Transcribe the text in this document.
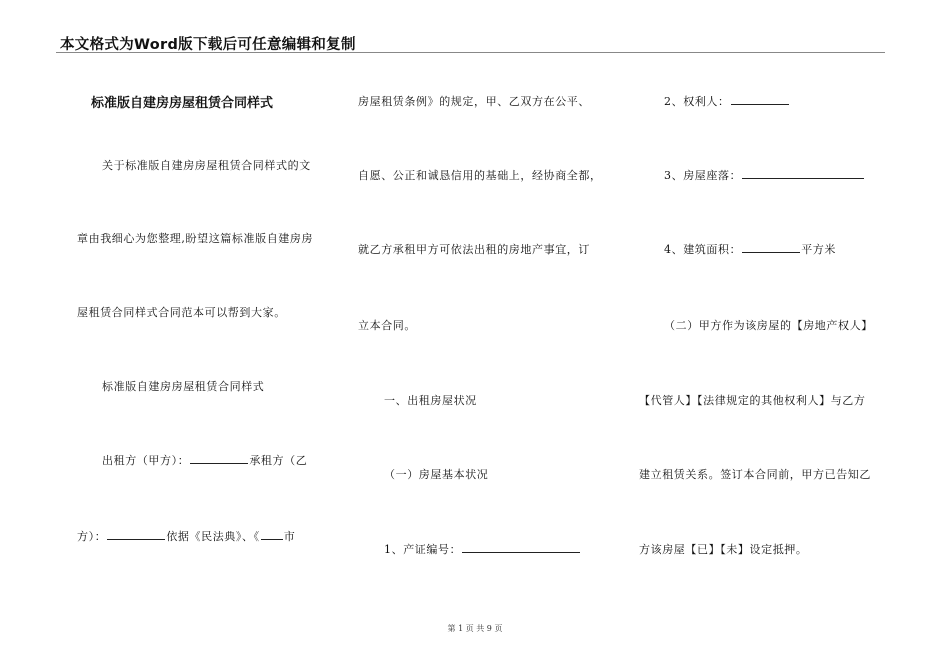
本文格式为Word版下载后可任意编辑和复制
标准版自建房房屋租赁合同样式
关于标准版自建房房屋租赁合同样式的文
章由我细心为您整理,盼望这篇标准版自建房房
屋租赁合同样式合同范本可以帮到大家。
标准版自建房房屋租赁合同样式
出租方（甲方）：	承租方（乙
方）：	依据《民法典》、《 市
房屋租赁条例》的规定，甲、乙双方在公平、
自愿、公正和诚恳信用的基础上，经协商全都，
就乙方承租甲方可依法出租的房地产事宜，订
立本合同。
一、出租房屋状况
（一）房屋基本状况
1、产证编号：
2、权利人：
3、房屋座落：
4、建筑面积：	平方米
（二）甲方作为该房屋的【房地产权人】
【代管人】【法律规定的其他权利人】与乙方
建立租赁关系。签订本合同前，甲方已告知乙
方该房屋【已】【未】设定抵押。
第 1 页 共 9 页
